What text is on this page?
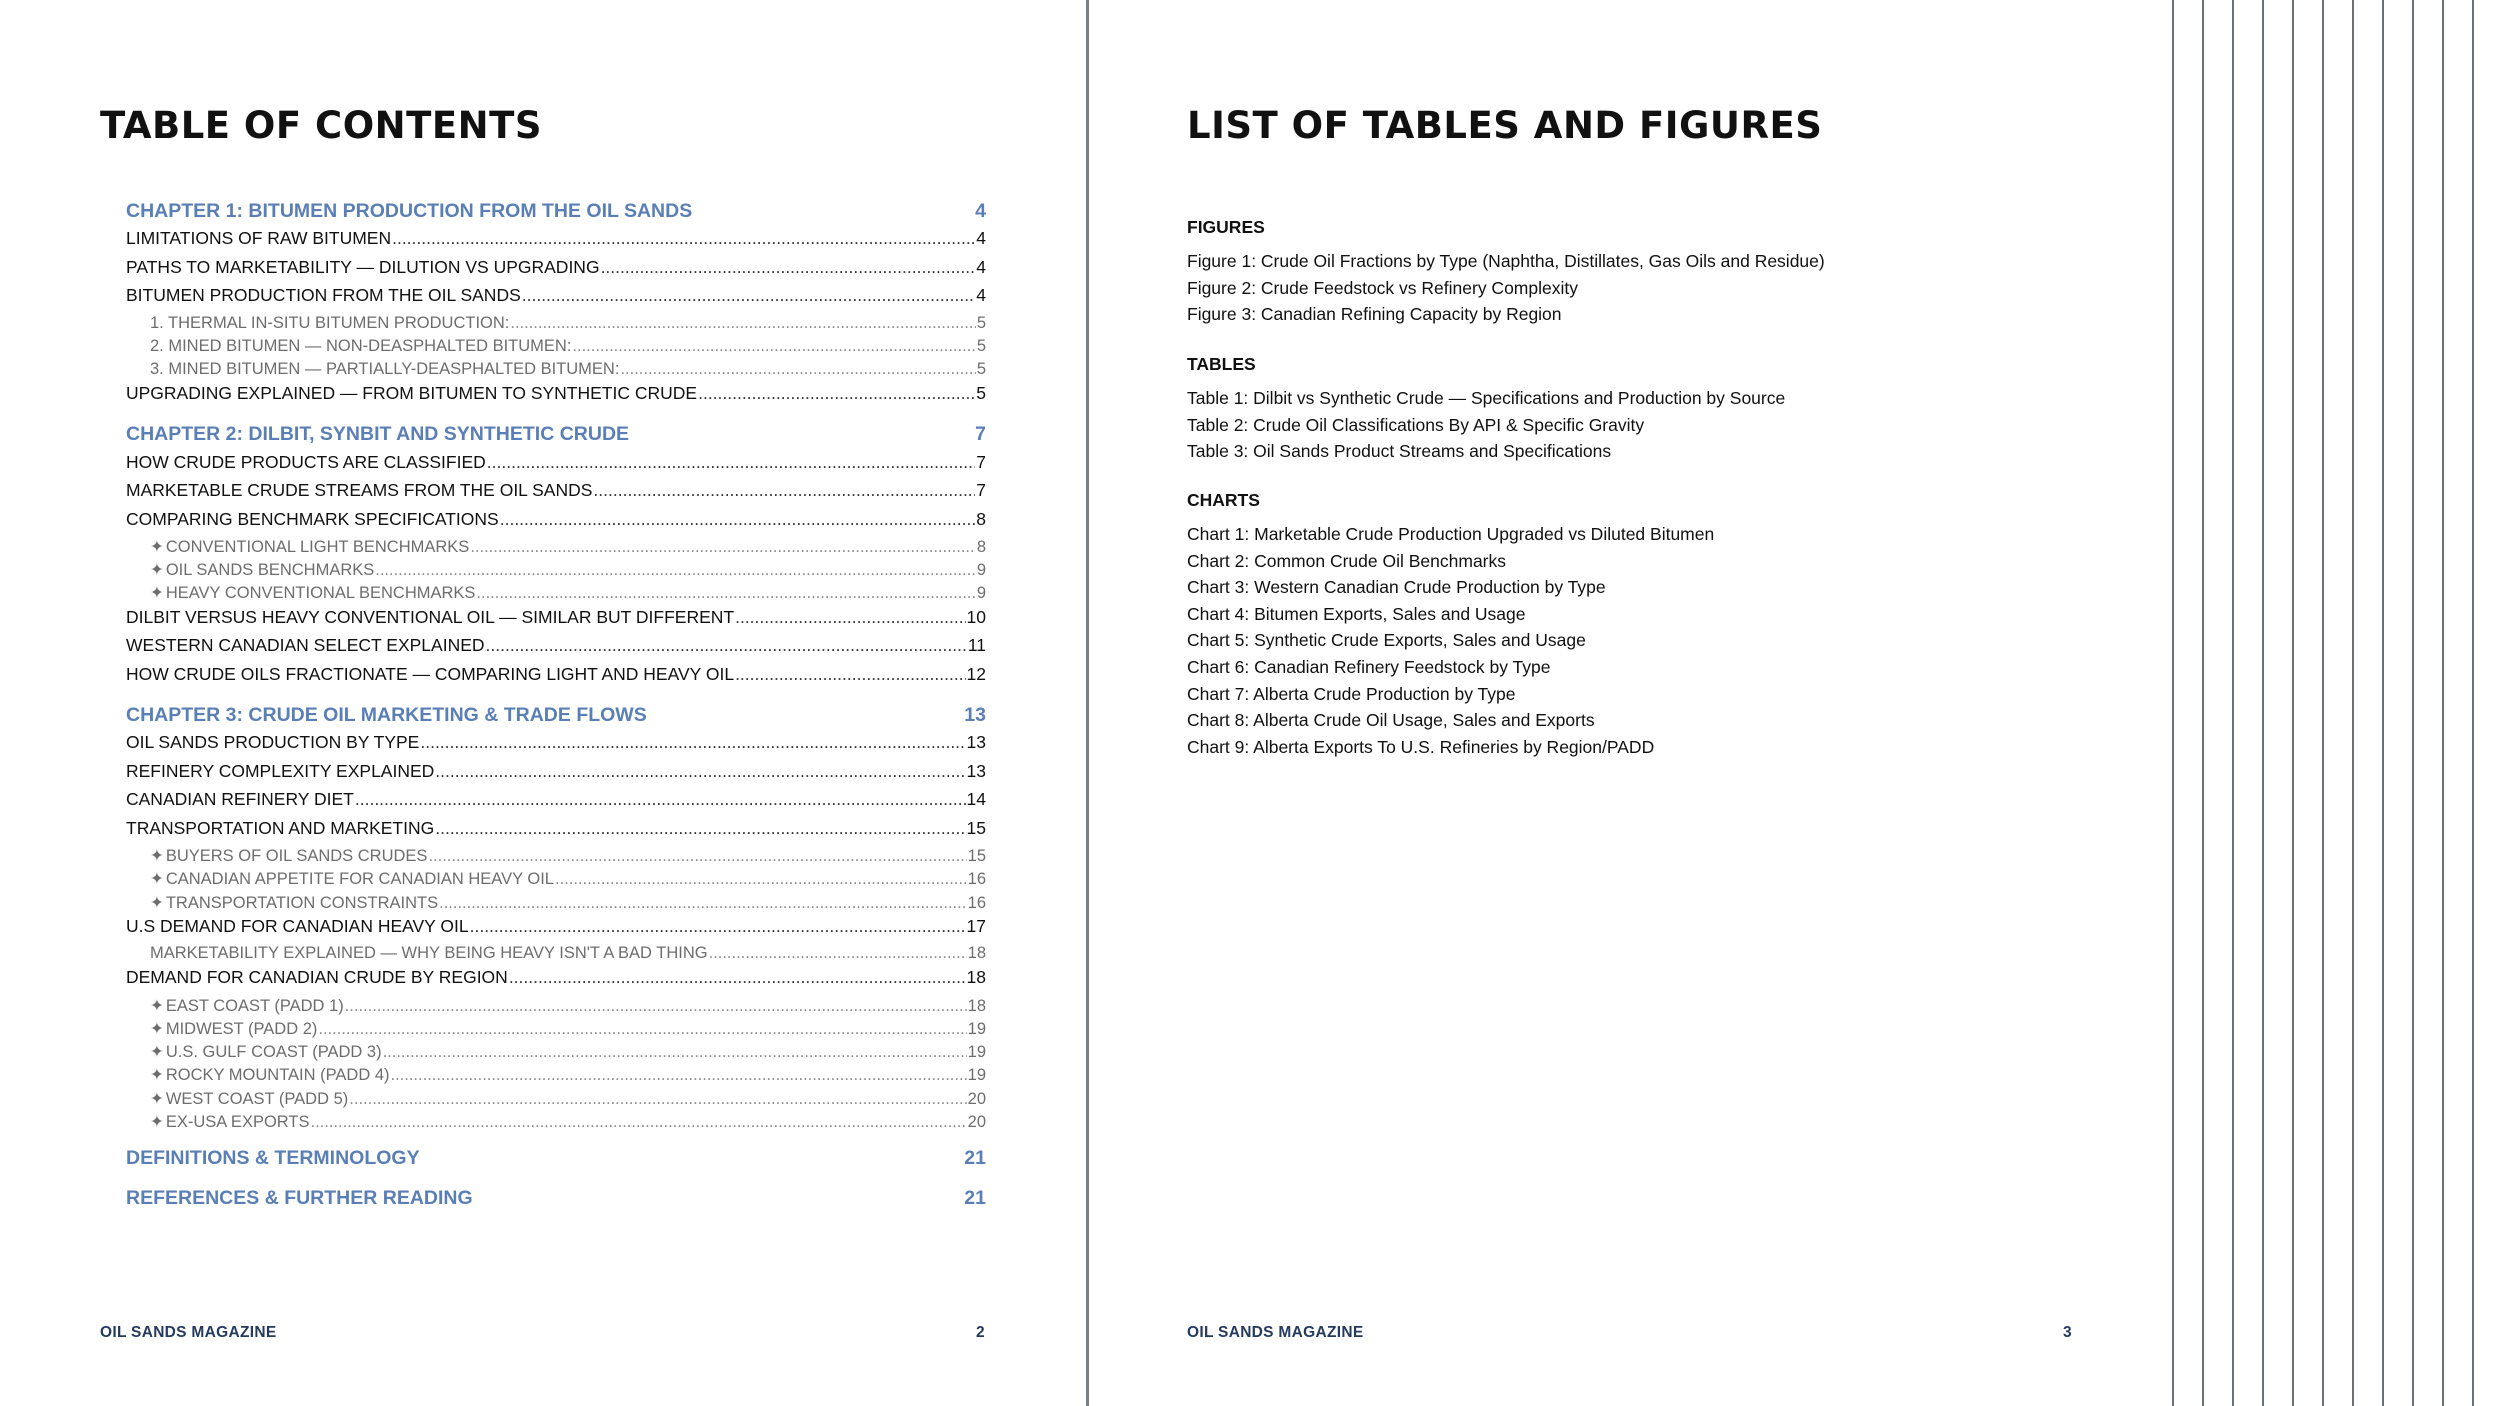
TABLE OF CONTENTS
CHAPTER 1: BITUMEN PRODUCTION FROM THE OIL SANDS	4
LIMITATIONS OF RAW BITUMEN .....	4
PATHS TO MARKETABILITY — DILUTION VS UPGRADING .....	4
BITUMEN PRODUCTION FROM THE OIL SANDS .....	4
1. THERMAL IN-SITU BITUMEN PRODUCTION: .....	5
2. MINED BITUMEN — NON-DEASPHALTED BITUMEN: .....	5
3. MINED BITUMEN — PARTIALLY-DEASPHALTED BITUMEN: .....	5
UPGRADING EXPLAINED — FROM BITUMEN TO SYNTHETIC CRUDE .....	5
CHAPTER 2: DILBIT, SYNBIT AND SYNTHETIC CRUDE	7
HOW CRUDE PRODUCTS ARE CLASSIFIED .....	7
MARKETABLE CRUDE STREAMS FROM THE OIL SANDS .....	7
COMPARING BENCHMARK SPECIFICATIONS .....	8
✦ CONVENTIONAL LIGHT BENCHMARKS .....	8
✦ OIL SANDS BENCHMARKS .....	9
✦ HEAVY CONVENTIONAL BENCHMARKS .....	9
DILBIT VERSUS HEAVY CONVENTIONAL OIL — SIMILAR BUT DIFFERENT .....	10
WESTERN CANADIAN SELECT EXPLAINED .....	11
HOW CRUDE OILS FRACTIONATE — COMPARING LIGHT AND HEAVY OIL .....	12
CHAPTER 3: CRUDE OIL MARKETING & TRADE FLOWS	13
OIL SANDS PRODUCTION BY TYPE .....	13
REFINERY COMPLEXITY EXPLAINED .....	13
CANADIAN REFINERY DIET .....	14
TRANSPORTATION AND MARKETING .....	15
✦ BUYERS OF OIL SANDS CRUDES .....	15
✦ CANADIAN APPETITE FOR CANADIAN HEAVY OIL .....	16
✦ TRANSPORTATION CONSTRAINTS .....	16
U.S DEMAND FOR CANADIAN HEAVY OIL .....	17
MARKETABILITY EXPLAINED — WHY BEING HEAVY ISN'T A BAD THING .....	18
DEMAND FOR CANADIAN CRUDE BY REGION .....	18
✦ EAST COAST (PADD 1) .....	18
✦ MIDWEST (PADD 2) .....	19
✦ U.S. GULF COAST (PADD 3) .....	19
✦ ROCKY MOUNTAIN (PADD 4) .....	19
✦ WEST COAST (PADD 5) .....	20
✦ EX-USA EXPORTS .....	20
DEFINITIONS & TERMINOLOGY	21
REFERENCES & FURTHER READING	21
OIL SANDS MAGAZINE	2
LIST OF TABLES AND FIGURES
OIL SANDS MAGAZINE	3
FIGURES
Figure 1: Crude Oil Fractions by Type (Naphtha, Distillates, Gas Oils and Residue)
Figure 2: Crude Feedstock vs Refinery Complexity
Figure 3: Canadian Refining Capacity by Region
TABLES
Table 1: Dilbit vs Synthetic Crude — Specifications and Production by Source
Table 2: Crude Oil Classifications By API & Specific Gravity
Table 3: Oil Sands Product Streams and Specifications
CHARTS
Chart 1: Marketable Crude Production Upgraded vs Diluted Bitumen
Chart 2: Common Crude Oil Benchmarks
Chart 3: Western Canadian Crude Production by Type
Chart 4: Bitumen Exports, Sales and Usage
Chart 5: Synthetic Crude Exports, Sales and Usage
Chart 6: Canadian Refinery Feedstock by Type
Chart 7: Alberta Crude Production by Type
Chart 8: Alberta Crude Oil Usage, Sales and Exports
Chart 9: Alberta Exports To U.S. Refineries by Region/PADD
